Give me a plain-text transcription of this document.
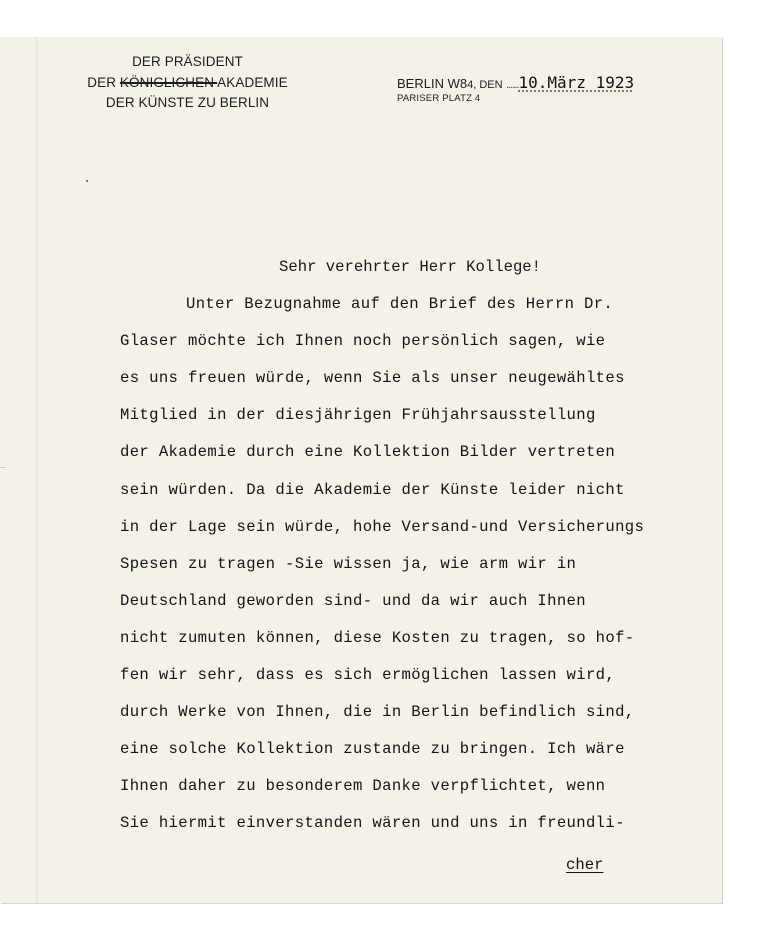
DER PRÄSIDENT
DER KÖNIGLICHEN AKADEMIE
DER KÜNSTE ZU BERLIN
BERLIN W84, DEN ......10.März 1923
PARISER PLATZ 4
Sehr verehrter Herr Kollege!
Unter Bezugnahme auf den Brief des Herrn Dr.
Glaser möchte ich Ihnen noch persönlich sagen, wie
es uns freuen würde, wenn Sie als unser neugewähltes
Mitglied in der diesjährigen Frühjahrsausstellung
der Akademie durch eine Kollektion Bilder vertreten
sein würden. Da die Akademie der Künste leider nicht
in der Lage sein würde, hohe Versand-und Versicherungs
Spesen zu tragen -Sie wissen ja, wie arm wir in
Deutschland geworden sind- und da wir auch Ihnen
nicht zumuten können, diese Kosten zu tragen, so hof-
fen wir sehr, dass es sich ermöglichen lassen wird,
durch Werke von Ihnen, die in Berlin befindlich sind,
eine solche Kollektion zustande zu bringen. Ich wäre
Ihnen daher zu besonderem Danke verpflichtet, wenn
Sie hiermit einverstanden wären und uns in freundli-
cher
